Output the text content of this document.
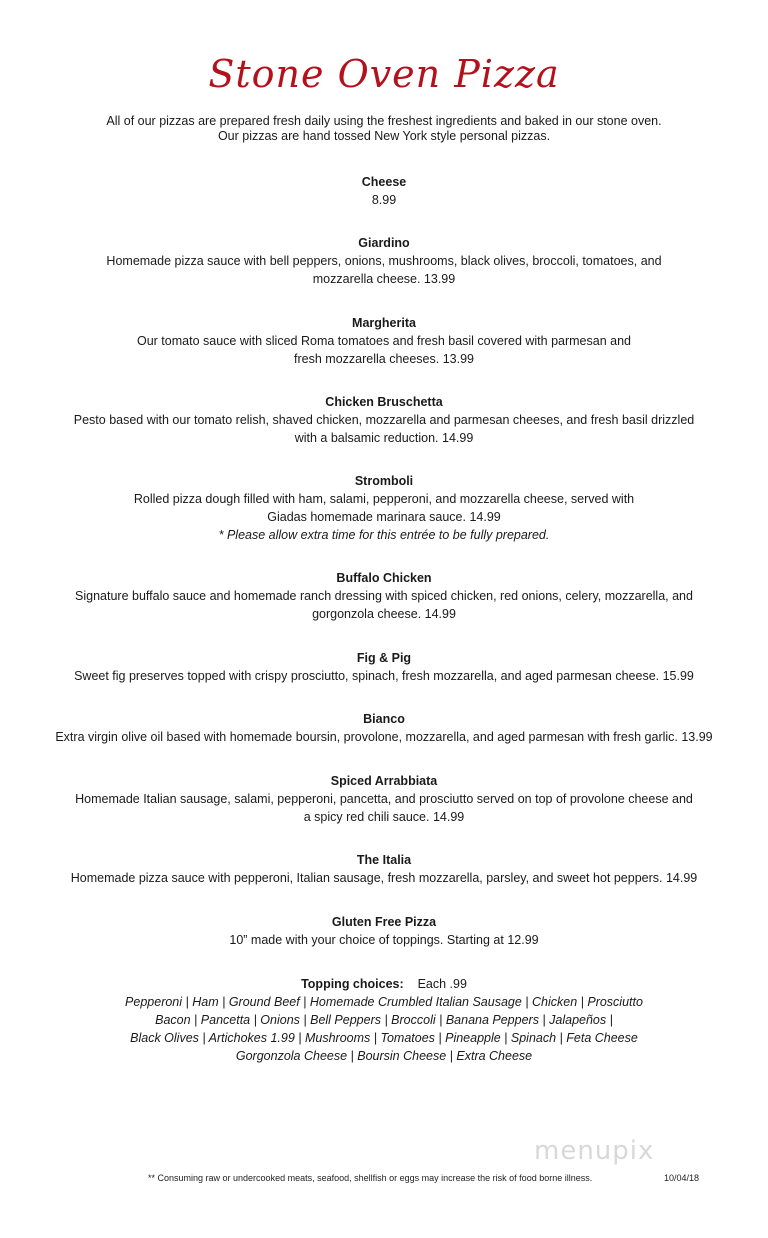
Stone Oven Pizza
All of our pizzas are prepared fresh daily using the freshest ingredients and baked in our stone oven.
Our pizzas are hand tossed New York style personal pizzas.
Cheese
8.99
Giardino
Homemade pizza sauce with bell peppers, onions, mushrooms, black olives, broccoli, tomatoes, and
mozzarella cheese. 13.99
Margherita
Our tomato sauce with sliced Roma tomatoes and fresh basil covered with parmesan and
fresh mozzarella cheeses. 13.99
Chicken Bruschetta
Pesto based with our tomato relish, shaved chicken, mozzarella and parmesan cheeses, and fresh basil drizzled
with a balsamic reduction. 14.99
Stromboli
Rolled pizza dough filled with ham, salami, pepperoni, and mozzarella cheese, served with
Giadas homemade marinara sauce. 14.99
* Please allow extra time for this entrée to be fully prepared.
Buffalo Chicken
Signature buffalo sauce and homemade ranch dressing with spiced chicken, red onions, celery, mozzarella, and
gorgonzola cheese. 14.99
Fig & Pig
Sweet fig preserves topped with crispy prosciutto, spinach, fresh mozzarella, and aged parmesan cheese. 15.99
Bianco
Extra virgin olive oil based with homemade boursin, provolone, mozzarella, and aged parmesan with fresh garlic. 13.99
Spiced Arrabbiata
Homemade Italian sausage, salami, pepperoni, pancetta, and prosciutto served on top of provolone cheese and
a spicy red chili sauce. 14.99
The Italia
Homemade pizza sauce with pepperoni, Italian sausage, fresh mozzarella, parsley, and sweet hot peppers. 14.99
Gluten Free Pizza
10” made with your choice of toppings. Starting at 12.99
Topping choices: Each .99
Pepperoni | Ham | Ground Beef | Homemade Crumbled Italian Sausage | Chicken | Prosciutto
Bacon | Pancetta | Onions | Bell Peppers | Broccoli | Banana Peppers | Jalapeños |
Black Olives | Artichokes 1.99 | Mushrooms | Tomatoes | Pineapple | Spinach | Feta Cheese
Gorgonzola Cheese | Boursin Cheese | Extra Cheese
menupix
** Consuming raw or undercooked meats, seafood, shellfish or eggs may increase the risk of food borne illness.	10/04/18
